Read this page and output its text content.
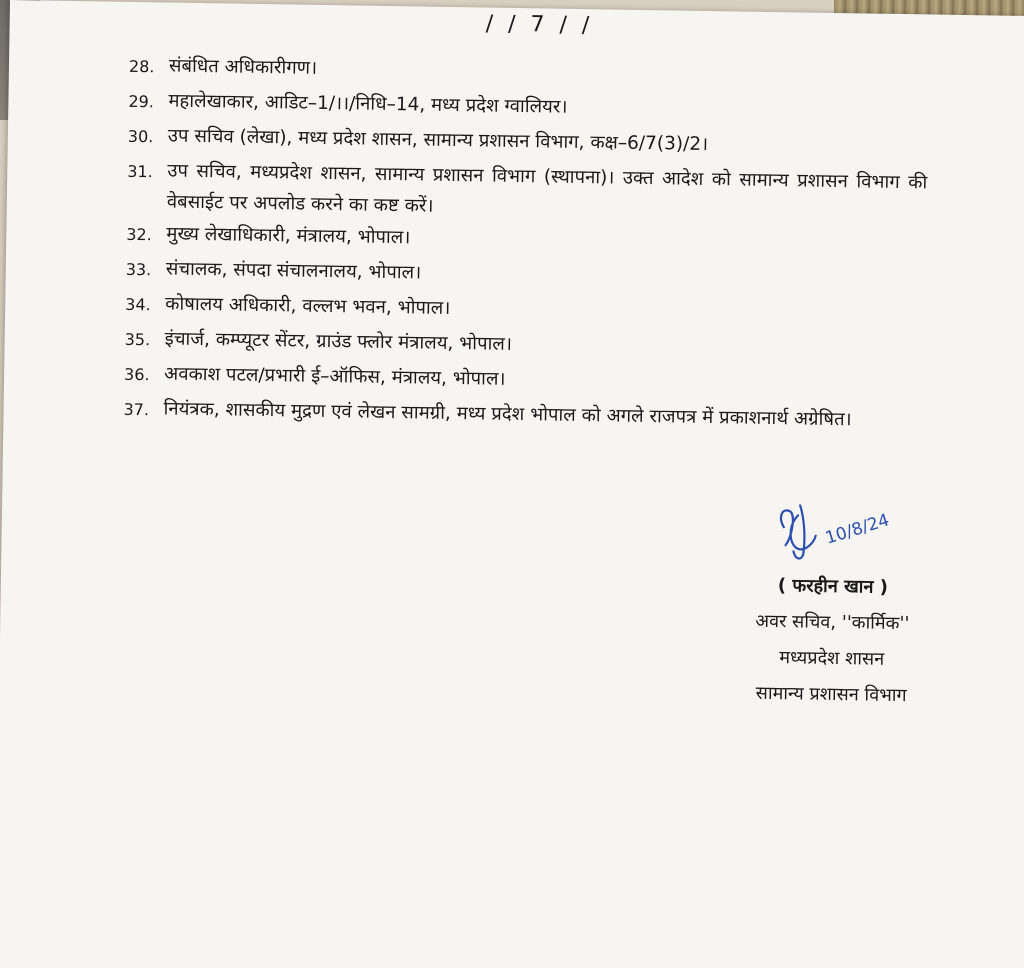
/ / 7 / /
28. संबंधित अधिकारीगण।
29. महालेखाकार, आडिट–1/।।/निधि–14, मध्य प्रदेश ग्वालियर।
30. उप सचिव (लेखा), मध्य प्रदेश शासन, सामान्य प्रशासन विभाग, कक्ष–6/7(3)/2।
31. उप सचिव, मध्यप्रदेश शासन, सामान्य प्रशासन विभाग (स्थापना)। उक्त आदेश को सामान्य प्रशासन विभाग की वेबसाईट पर अपलोड करने का कष्ट करें।
32. मुख्य लेखाधिकारी, मंत्रालय, भोपाल।
33. संचालक, संपदा संचालनालय, भोपाल।
34. कोषालय अधिकारी, वल्लभ भवन, भोपाल।
35. इंचार्ज, कम्प्यूटर सेंटर, ग्राउंड फ्लोर मंत्रालय, भोपाल।
36. अवकाश पटल/प्रभारी ई–ऑफिस, मंत्रालय, भोपाल।
37. नियंत्रक, शासकीय मुद्रण एवं लेखन सामग्री, मध्य प्रदेश भोपाल को अगले राजपत्र में प्रकाशनार्थ अग्रेषित।
10/8/24
( फरहीन खान )
अवर सचिव, ''कार्मिक''
मध्यप्रदेश शासन
सामान्य प्रशासन विभाग
